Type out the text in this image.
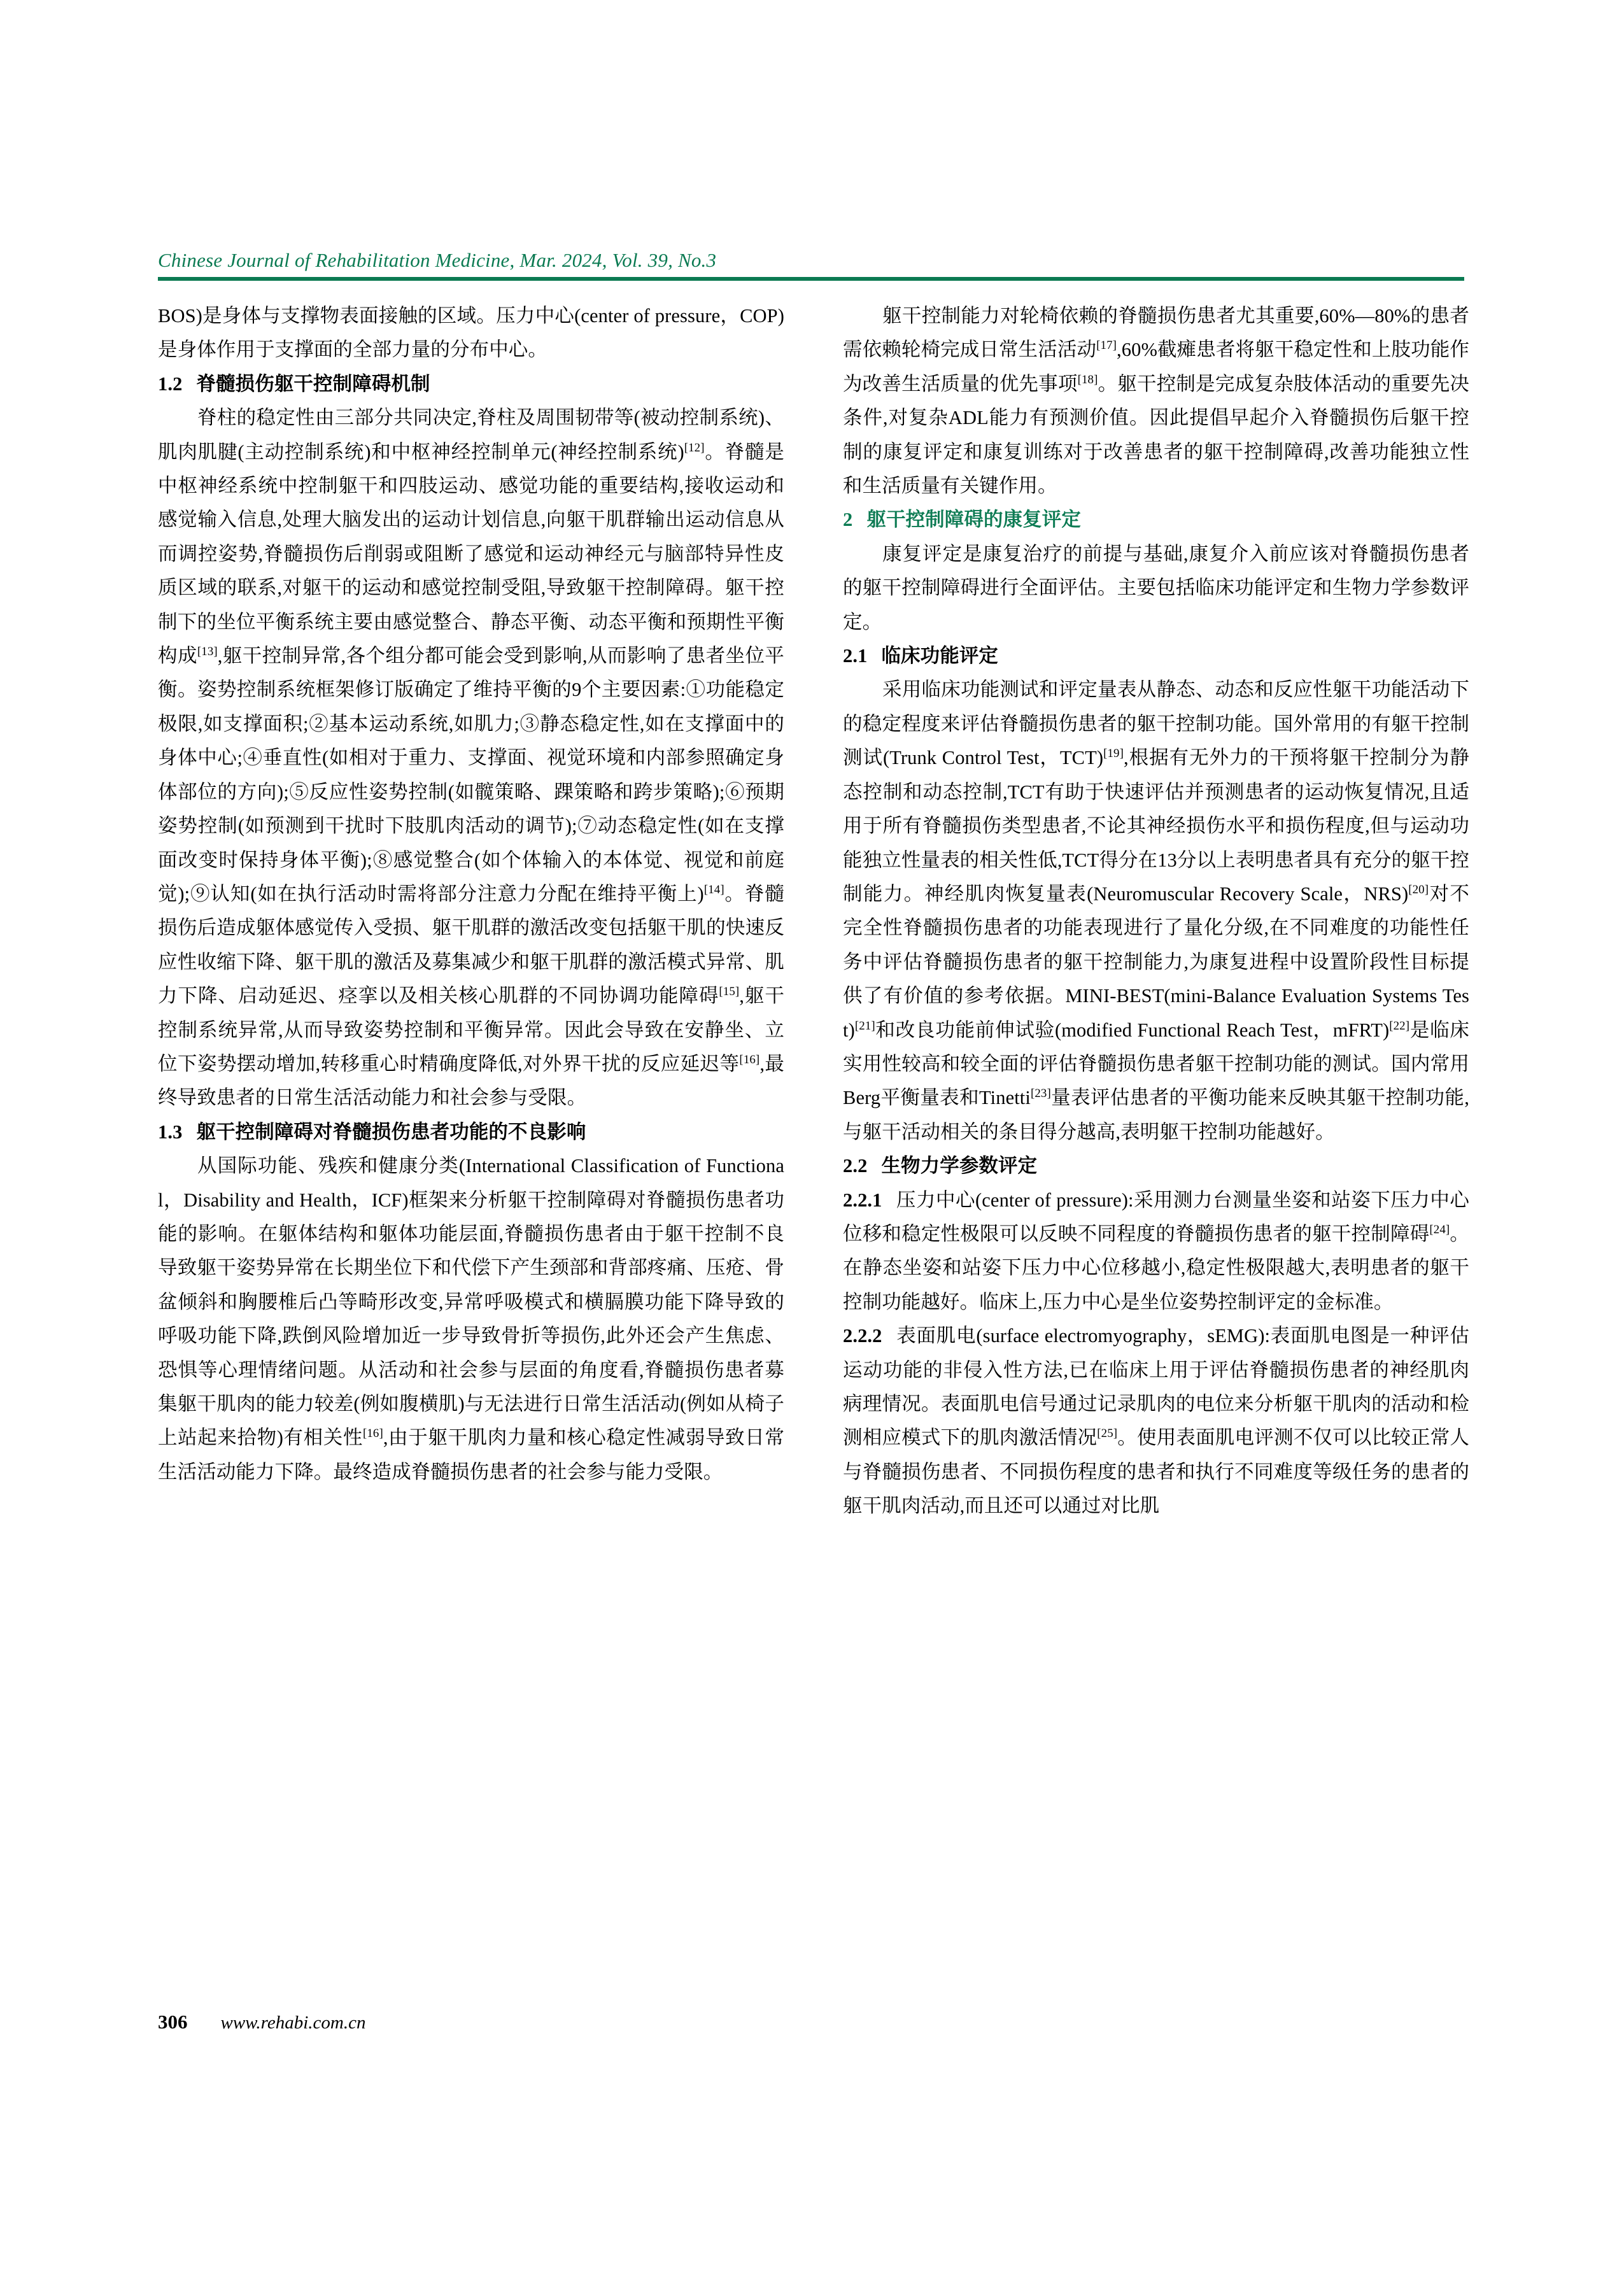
Chinese Journal of Rehabilitation Medicine, Mar. 2024, Vol. 39, No.3

BOS)是身体与支撑物表面接触的区域。压力中心(center of pressure，COP)是身体作用于支撑面的全部力量的分布中心。

1.2 脊髓损伤躯干控制障碍机制

脊柱的稳定性由三部分共同决定,脊柱及周围韧带等(被动控制系统)、肌肉肌腱(主动控制系统)和中枢神经控制单元(神经控制系统)[12]。脊髓是中枢神经系统中控制躯干和四肢运动、感觉功能的重要结构,接收运动和感觉输入信息,处理大脑发出的运动计划信息,向躯干肌群输出运动信息从而调控姿势,脊髓损伤后削弱或阻断了感觉和运动神经元与脑部特异性皮质区域的联系,对躯干的运动和感觉控制受阻,导致躯干控制障碍。躯干控制下的坐位平衡系统主要由感觉整合、静态平衡、动态平衡和预期性平衡构成[13],躯干控制异常,各个组分都可能会受到影响,从而影响了患者坐位平衡。姿势控制系统框架修订版确定了维持平衡的9个主要因素:①功能稳定极限,如支撑面积;②基本运动系统,如肌力;③静态稳定性,如在支撑面中的身体中心;④垂直性(如相对于重力、支撑面、视觉环境和内部参照确定身体部位的方向);⑤反应性姿势控制(如髋策略、踝策略和跨步策略);⑥预期姿势控制(如预测到干扰时下肢肌肉活动的调节);⑦动态稳定性(如在支撑面改变时保持身体平衡);⑧感觉整合(如个体输入的本体觉、视觉和前庭觉);⑨认知(如在执行活动时需将部分注意力分配在维持平衡上)[14]。脊髓损伤后造成躯体感觉传入受损、躯干肌群的激活改变包括躯干肌的快速反应性收缩下降、躯干肌的激活及募集减少和躯干肌群的激活模式异常、肌力下降、启动延迟、痉挛以及相关核心肌群的不同协调功能障碍[15],躯干控制系统异常,从而导致姿势控制和平衡异常。因此会导致在安静坐、立位下姿势摆动增加,转移重心时精确度降低,对外界干扰的反应延迟等[16],最终导致患者的日常生活活动能力和社会参与受限。

1.3 躯干控制障碍对脊髓损伤患者功能的不良影响

从国际功能、残疾和健康分类(International Classification of Functional，Disability and Health，ICF)框架来分析躯干控制障碍对脊髓损伤患者功能的影响。在躯体结构和躯体功能层面,脊髓损伤患者由于躯干控制不良导致躯干姿势异常在长期坐位下和代偿下产生颈部和背部疼痛、压疮、骨盆倾斜和胸腰椎后凸等畸形改变,异常呼吸模式和横膈膜功能下降导致的呼吸功能下降,跌倒风险增加近一步导致骨折等损伤,此外还会产生焦虑、恐惧等心理情绪问题。从活动和社会参与层面的角度看,脊髓损伤患者募集躯干肌肉的能力较差(例如腹横肌)与无法进行日常生活活动(例如从椅子上站起来拾物)有相关性[16],由于躯干肌肉力量和核心稳定性减弱导致日常生活活动能力下降。最终造成脊髓损伤患者的社会参与能力受限。

躯干控制能力对轮椅依赖的脊髓损伤患者尤其重要,60%—80%的患者需依赖轮椅完成日常生活活动[17],60%截瘫患者将躯干稳定性和上肢功能作为改善生活质量的优先事项[18]。躯干控制是完成复杂肢体活动的重要先决条件,对复杂ADL能力有预测价值。因此提倡早起介入脊髓损伤后躯干控制的康复评定和康复训练对于改善患者的躯干控制障碍,改善功能独立性和生活质量有关键作用。

2 躯干控制障碍的康复评定

康复评定是康复治疗的前提与基础,康复介入前应该对脊髓损伤患者的躯干控制障碍进行全面评估。主要包括临床功能评定和生物力学参数评定。

2.1 临床功能评定

采用临床功能测试和评定量表从静态、动态和反应性躯干功能活动下的稳定程度来评估脊髓损伤患者的躯干控制功能。国外常用的有躯干控制测试(Trunk Control Test，TCT)[19],根据有无外力的干预将躯干控制分为静态控制和动态控制,TCT有助于快速评估并预测患者的运动恢复情况,且适用于所有脊髓损伤类型患者,不论其神经损伤水平和损伤程度,但与运动功能独立性量表的相关性低,TCT得分在13分以上表明患者具有充分的躯干控制能力。神经肌肉恢复量表(Neuromuscular Recovery Scale，NRS)[20]对不完全性脊髓损伤患者的功能表现进行了量化分级,在不同难度的功能性任务中评估脊髓损伤患者的躯干控制能力,为康复进程中设置阶段性目标提供了有价值的参考依据。MINI-BEST(mini-Balance Evaluation Systems Test)[21]和改良功能前伸试验(modified Functional Reach Test，mFRT)[22]是临床实用性较高和较全面的评估脊髓损伤患者躯干控制功能的测试。国内常用Berg平衡量表和Tinetti[23]量表评估患者的平衡功能来反映其躯干控制功能,与躯干活动相关的条目得分越高,表明躯干控制功能越好。

2.2 生物力学参数评定

2.2.1 压力中心(center of pressure):采用测力台测量坐姿和站姿下压力中心位移和稳定性极限可以反映不同程度的脊髓损伤患者的躯干控制障碍[24]。在静态坐姿和站姿下压力中心位移越小,稳定性极限越大,表明患者的躯干控制功能越好。临床上,压力中心是坐位姿势控制评定的金标准。

2.2.2 表面肌电(surface electromyography，sEMG):表面肌电图是一种评估运动功能的非侵入性方法,已在临床上用于评估脊髓损伤患者的神经肌肉病理情况。表面肌电信号通过记录肌肉的电位来分析躯干肌肉的活动和检测相应模式下的肌肉激活情况[25]。使用表面肌电评测不仅可以比较正常人与脊髓损伤患者、不同损伤程度的患者和执行不同难度等级任务的患者的躯干肌肉活动,而且还可以通过对比肌

306 www.rehabi.com.cn
